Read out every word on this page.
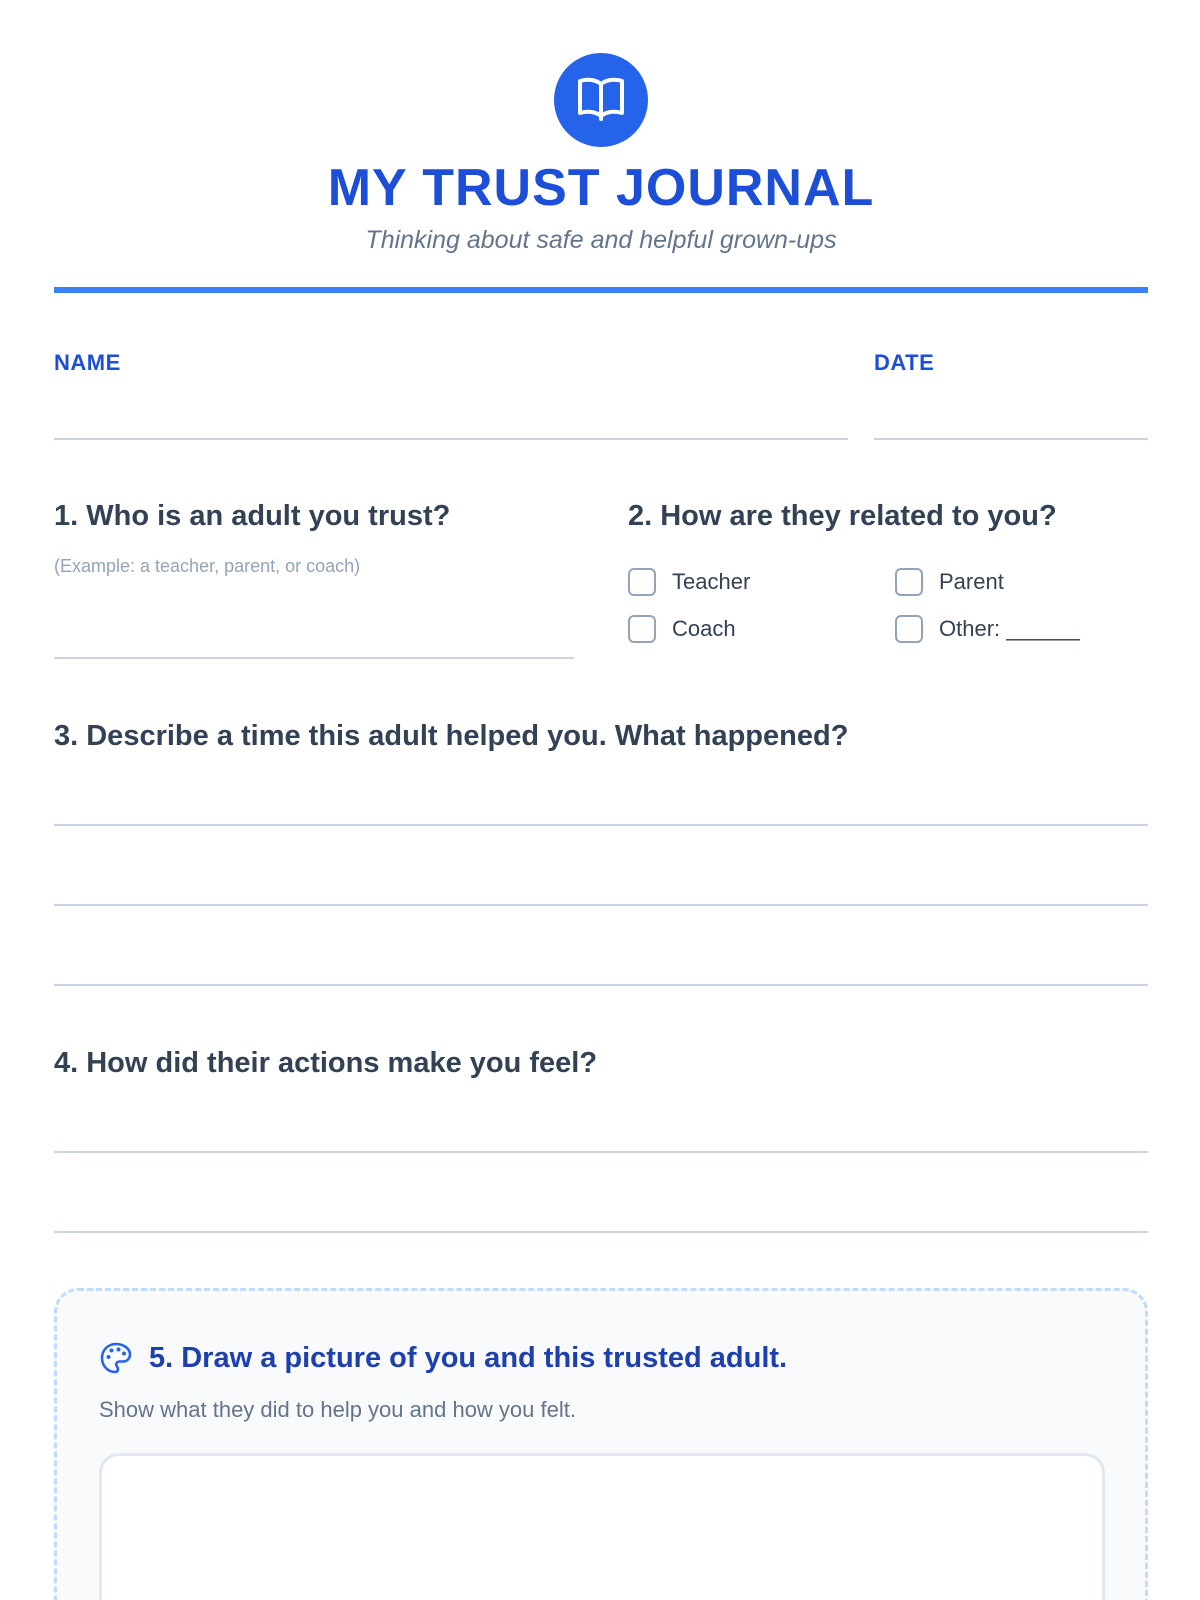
MY TRUST JOURNAL
Thinking about safe and helpful grown-ups
NAME	DATE
1. Who is an adult you trust?
(Example: a teacher, parent, or coach)
2. How are they related to you?
Teacher	Parent
Coach	Other: ______
3. Describe a time this adult helped you. What happened?
4. How did their actions make you feel?
5. Draw a picture of you and this trusted adult.
Show what they did to help you and how you felt.
